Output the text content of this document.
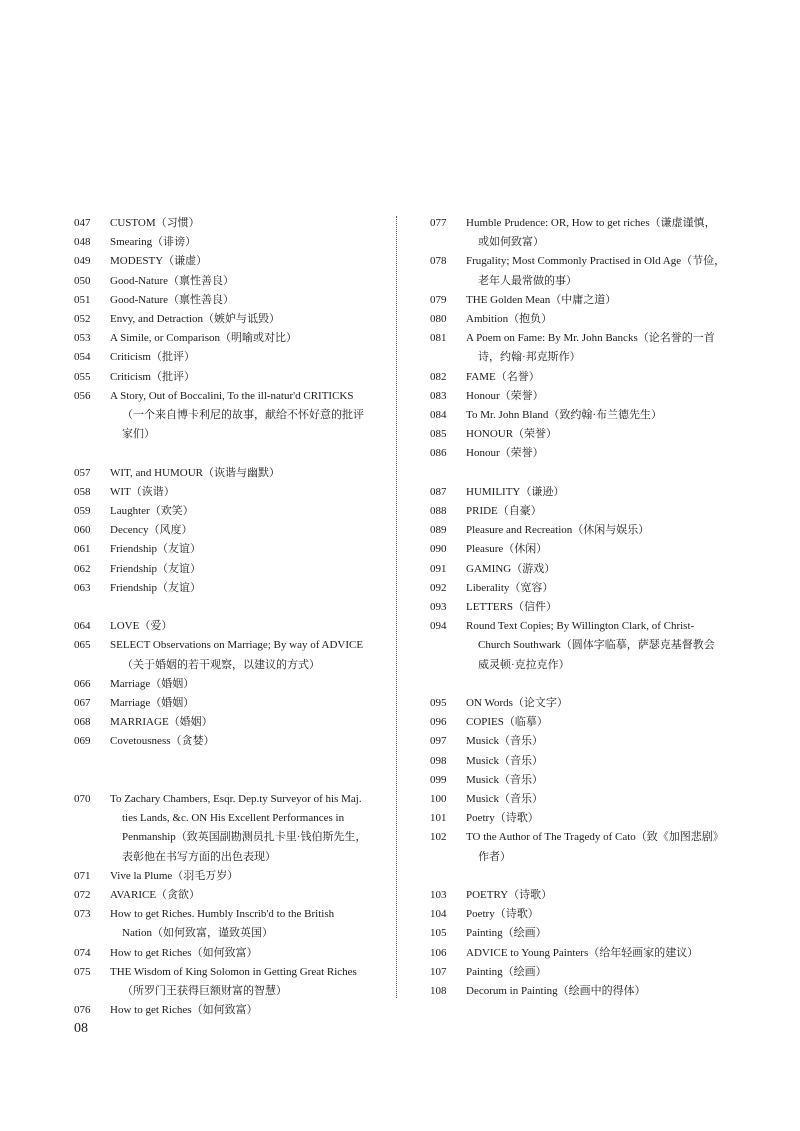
047	CUSTOM（习惯）
048	Smearing（诽谤）
049	MODESTY（谦虚）
050	Good-Nature（禀性善良）
051	Good-Nature（禀性善良）
052	Envy, and Detraction（嫉妒与诋毁）
053	A Simile, or Comparison（明喻或对比）
054	Criticism（批评）
055	Criticism（批评）
056	A Story, Out of Boccalini, To the ill-natur'd CRITICKS
（一个来自博卡利尼的故事，献给不怀好意的批评
家们）
057	WIT, and HUMOUR（诙谐与幽默）
058	WIT（诙谐）
059	Laughter（欢笑）
060	Decency（风度）
061	Friendship（友谊）
062	Friendship（友谊）
063	Friendship（友谊）
064	LOVE（爱）
065	SELECT Observations on Marriage; By way of ADVICE
（关于婚姻的若干观察，以建议的方式）
066	Marriage（婚姻）
067	Marriage（婚姻）
068	MARRIAGE（婚姻）
069	Covetousness（贪婪）
070	To Zachary Chambers, Esqr. Dep.ty Surveyor of his Maj.
ties Lands, &c. ON His Excellent Performances in
Penmanship（致英国副勘测员扎卡里·钱伯斯先生，
表彰他在书写方面的出色表现）
071	Vive la Plume（羽毛万岁）
072	AVARICE（贪欲）
073	How to get Riches. Humbly Inscrib'd to the British
Nation（如何致富，谨致英国）
074	How to get Riches（如何致富）
075	THE Wisdom of King Solomon in Getting Great Riches
（所罗门王获得巨额财富的智慧）
076	How to get Riches（如何致富）
077	Humble Prudence: OR, How to get riches（谦虚谨慎，
或如何致富）
078	Frugality; Most Commonly Practised in Old Age（节俭，
老年人最常做的事）
079	THE Golden Mean（中庸之道）
080	Ambition（抱负）
081	A Poem on Fame: By Mr. John Bancks（论名誉的一首
诗，约翰·邦克斯作）
082	FAME（名誉）
083	Honour（荣誉）
084	To Mr. John Bland（致约翰·布兰德先生）
085	HONOUR（荣誉）
086	Honour（荣誉）
087	HUMILITY（谦逊）
088	PRIDE（自豪）
089	Pleasure and Recreation（休闲与娱乐）
090	Pleasure（休闲）
091	GAMING（游戏）
092	Liberality（宽容）
093	LETTERS（信件）
094	Round Text Copies; By Willington Clark, of Christ-
Church Southwark（圆体字临摹，萨瑟克基督教会
威灵顿·克拉克作）
095	ON Words（论文字）
096	COPIES（临摹）
097	Musick（音乐）
098	Musick（音乐）
099	Musick（音乐）
100	Musick（音乐）
101	Poetry（诗歌）
102	TO the Author of The Tragedy of Cato（致《加图悲剧》
作者）
103	POETRY（诗歌）
104	Poetry（诗歌）
105	Painting（绘画）
106	ADVICE to Young Painters（给年轻画家的建议）
107	Painting（绘画）
108	Decorum in Painting（绘画中的得体）
08
